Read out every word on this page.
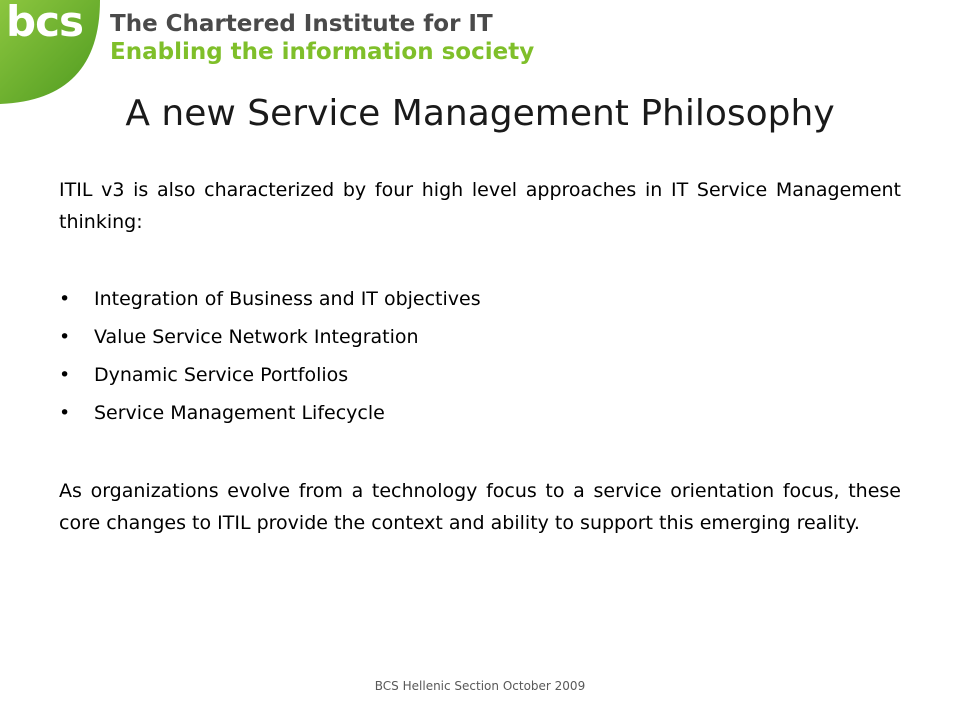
bcs The Chartered Institute for IT
Enabling the information society
A new Service Management Philosophy

ITIL v3 is also characterized by four high level approaches in IT Service Management thinking:

•	Integration of Business and IT objectives
•	Value Service Network Integration
•	Dynamic Service Portfolios
•	Service Management Lifecycle

As organizations evolve from a technology focus to a service orientation focus, these core changes to ITIL provide the context and ability to support this emerging reality.

BCS Hellenic Section October 2009
